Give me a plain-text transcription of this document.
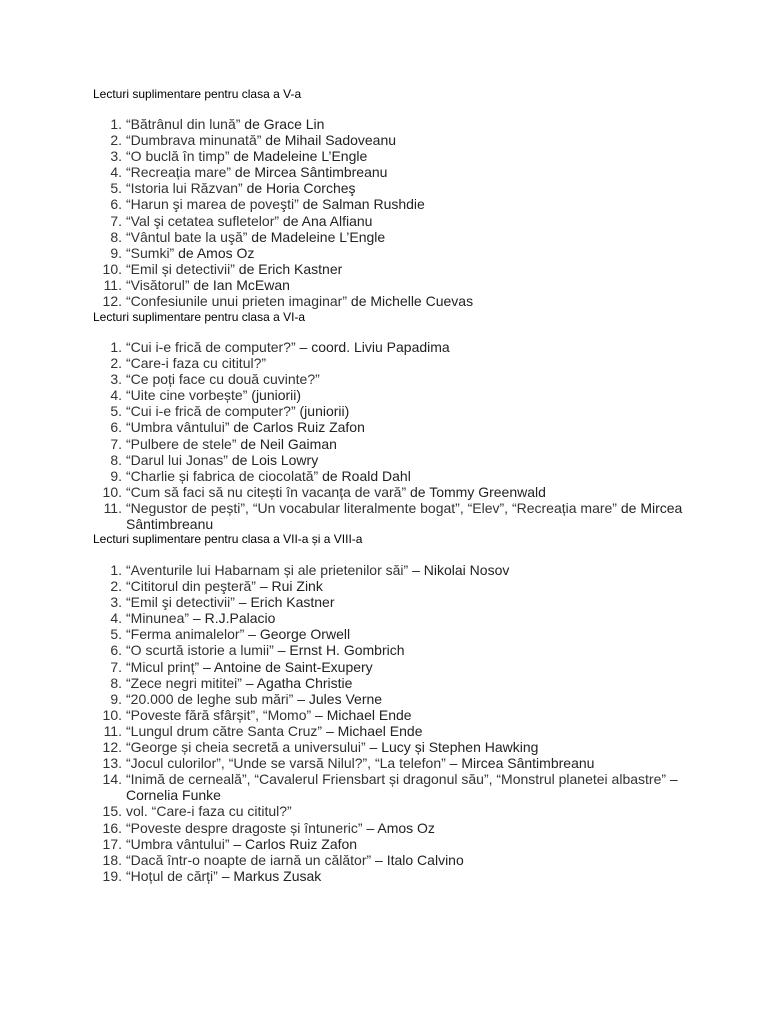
Lecturi suplimentare pentru clasa a V-a
1. “Bătrânul din lună” de Grace Lin
2. “Dumbrava minunată” de Mihail Sadoveanu
3. “O buclă în timp” de Madeleine L’Engle
4. “Recreația mare” de Mircea Sântimbreanu
5. “Istoria lui Răzvan” de Horia Corcheş
6. “Harun şi marea de poveşti” de Salman Rushdie
7. “Val şi cetatea sufletelor” de Ana Alfianu
8. “Vântul bate la uşă” de Madeleine L’Engle
9. “Sumki” de Amos Oz
10. “Emil și detectivii” de Erich Kastner
11. “Visătorul” de Ian McEwan
12. “Confesiunile unui prieten imaginar” de Michelle Cuevas
Lecturi suplimentare pentru clasa a VI-a
1. “Cui i-e frică de computer?” – coord. Liviu Papadima
2. “Care-i faza cu cititul?”
3. “Ce poți face cu două cuvinte?”
4. “Uite cine vorbește” (juniorii)
5. “Cui i-e frică de computer?” (juniorii)
6. “Umbra vântului” de Carlos Ruiz Zafon
7. “Pulbere de stele” de Neil Gaiman
8. “Darul lui Jonas” de Lois Lowry
9. “Charlie și fabrica de ciocolată” de Roald Dahl
10. “Cum să faci să nu citești în vacanța de vară” de Tommy Greenwald
11. “Negustor de pești”, “Un vocabular literalmente bogat”, “Elev”, “Recreația mare” de Mircea Sântimbreanu
Lecturi suplimentare pentru clasa a VII-a și a VIII-a
1. “Aventurile lui Habarnam și ale prietenilor săi” – Nikolai Nosov
2. “Cititorul din peşteră” – Rui Zink
3. “Emil şi detectivii” – Erich Kastner
4. “Minunea” – R.J.Palacio
5. “Ferma animalelor” – George Orwell
6. “O scurtă istorie a lumii” – Ernst H. Gombrich
7. “Micul prinț” – Antoine de Saint-Exupery
8. “Zece negri mititei” – Agatha Christie
9. “20.000 de leghe sub mări” – Jules Verne
10. “Poveste fără sfârșit”, “Momo” – Michael Ende
11. “Lungul drum către Santa Cruz” – Michael Ende
12. “George și cheia secretă a universului” – Lucy și Stephen Hawking
13. “Jocul culorilor”, “Unde se varsă Nilul?”, “La telefon” – Mircea Sântimbreanu
14. “Inimă de cerneală”, “Cavalerul Friensbart și dragonul său”, “Monstrul planetei albastre” – Cornelia Funke
15. vol. “Care-i faza cu cititul?”
16. “Poveste despre dragoste și întuneric” – Amos Oz
17. “Umbra vântului” – Carlos Ruiz Zafon
18. “Dacă într-o noapte de iarnă un călător” – Italo Calvino
19. “Hoțul de cărți” – Markus Zusak
